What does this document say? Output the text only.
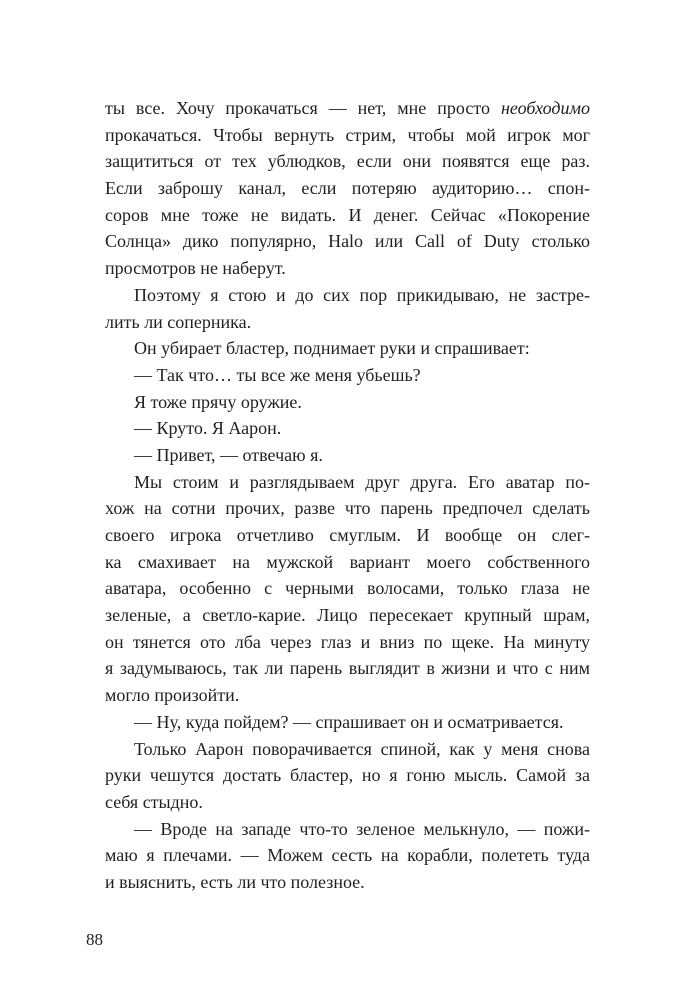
ты все. Хочу прокачаться — нет, мне просто необходимо
прокачаться. Чтобы вернуть стрим, чтобы мой игрок мог
защититься от тех ублюдков, если они появятся еще раз.
Если заброшу канал, если потеряю аудиторию… спон-
соров мне тоже не видать. И денег. Сейчас «Покорение
Солнца» дико популярно, Halo или Call of Duty столько
просмотров не наберут.
Поэтому я стою и до сих пор прикидываю, не застре-
лить ли соперника.
Он убирает бластер, поднимает руки и спрашивает:
— Так что… ты все же меня убьешь?
Я тоже прячу оружие.
— Круто. Я Аарон.
— Привет, — отвечаю я.
Мы стоим и разглядываем друг друга. Его аватар по-
хож на сотни прочих, разве что парень предпочел сделать
своего игрока отчетливо смуглым. И вообще он слег-
ка смахивает на мужской вариант моего собственного
аватара, особенно с черными волосами, только глаза не
зеленые, а светло-карие. Лицо пересекает крупный шрам,
он тянется ото лба через глаз и вниз по щеке. На минуту
я задумываюсь, так ли парень выглядит в жизни и что с ним
могло произойти.
— Ну, куда пойдем? — спрашивает он и осматривается.
Только Аарон поворачивается спиной, как у меня снова
руки чешутся достать бластер, но я гоню мысль. Самой за
себя стыдно.
— Вроде на западе что-то зеленое мелькнуло, — пожи-
маю я плечами. — Можем сесть на корабли, полететь туда
и выяснить, есть ли что полезное.
88
